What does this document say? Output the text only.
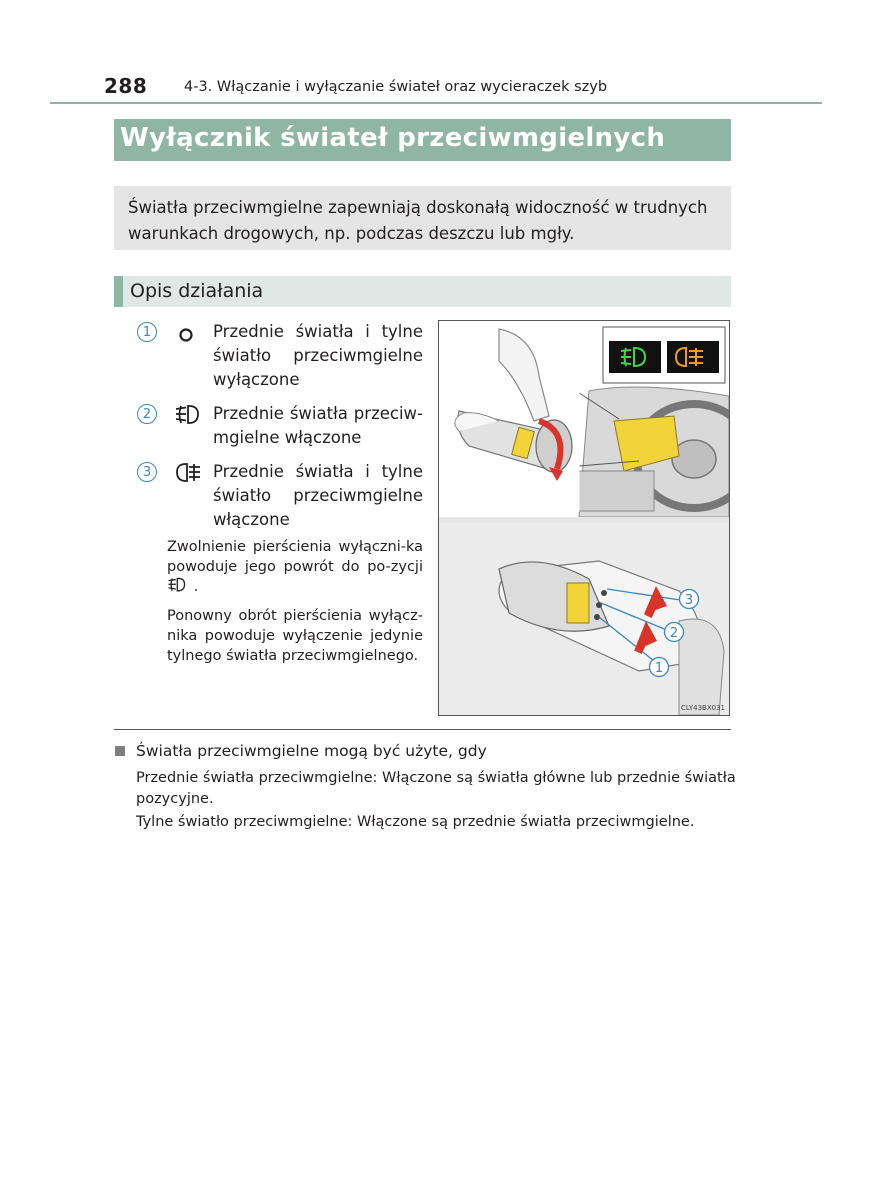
288	4-3. Włączanie i wyłączanie świateł oraz wycieraczek szyb
Wyłącznik świateł przeciwmgielnych

Światła przeciwmgielne zapewniają doskonałą widoczność w trudnych warunkach drogowych, np. podczas deszczu lub mgły.

Opis działania
1	Przednie światła i tylne światło przeciwmgielne wyłączone
2	Przednie światła przeciw-mgielne włączone
3	Przednie światła i tylne światło przeciwmgielne włączone
Zwolnienie pierścienia wyłączni-ka powoduje jego powrót do po-zycji  .
Ponowny obrót pierścienia wyłącz-nika powoduje wyłączenie jedynie tylnego światła przeciwmgielnego.
3
2
1
CLY43BX031
Światła przeciwmgielne mogą być użyte, gdy
Przednie światła przeciwmgielne: Włączone są światła główne lub przednie światła pozycyjne.
Tylne światło przeciwmgielne: Włączone są przednie światła przeciwmgielne.
